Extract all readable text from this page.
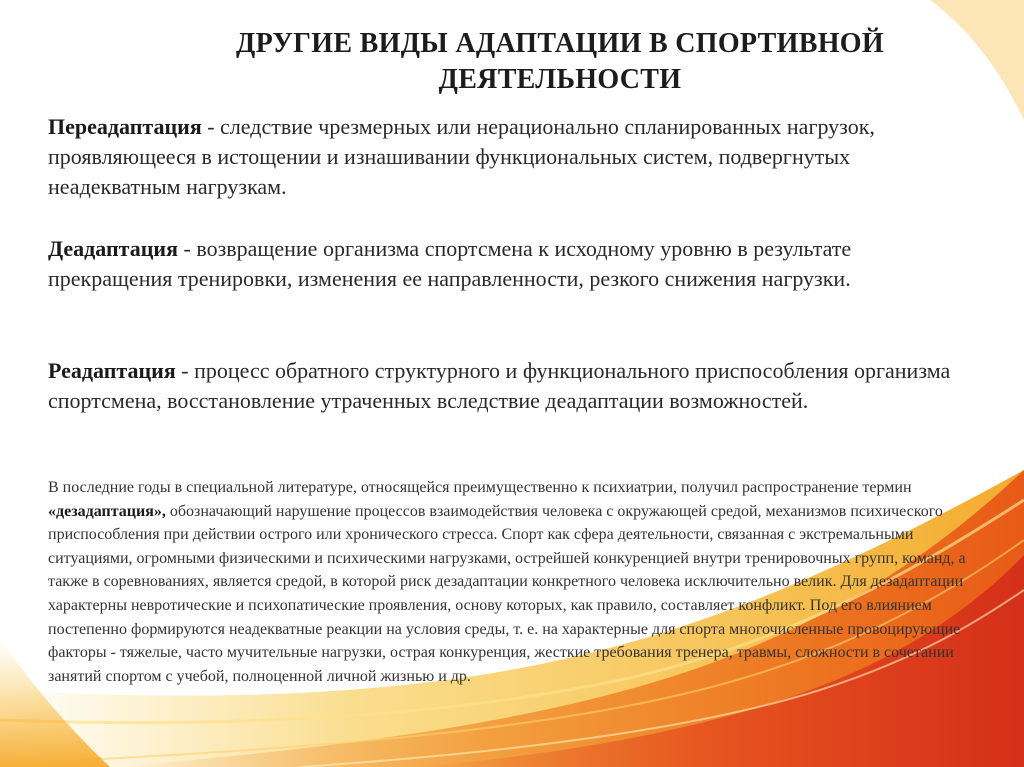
ДРУГИЕ ВИДЫ АДАПТАЦИИ В СПОРТИВНОЙ
ДЕЯТЕЛЬНОСТИ
Переадаптация - следствие чрезмерных или нерационально спланированных нагрузок, проявляющееся в истощении и изнашивании функциональных систем, подвергнутых неадекватным нагрузкам.
Деадаптация - возвращение организма спортсмена к исходному уровню в результате прекращения тренировки, изменения ее направленности, резкого снижения нагрузки.
Реадаптация - процесс обратного структурного и функционального приспособления организма спортсмена, восстановление утраченных вследствие деадаптации возможностей.
В последние годы в специальной литературе, относящейся преимущественно к психиатрии, получил распространение термин «дезадаптация», обозначающий нарушение процессов взаимодействия человека с окружающей средой, механизмов психического приспособления при действии острого или хронического стресса. Спорт как сфера деятельности, связанная с экстремальными ситуациями, огромными физическими и психическими нагрузками, острейшей конкуренцией внутри тренировочных групп, команд, а также в соревнованиях, является средой, в которой риск дезадаптации конкретного человека исключительно велик. Для дезадаптации характерны невротические и психопатические проявления, основу которых, как правило, составляет конфликт. Под его влиянием постепенно формируются неадекватные реакции на условия среды, т. е. на характерные для спорта многочисленные провоцирующие факторы - тяжелые, часто мучительные нагрузки, острая конкуренция, жесткие требования тренера, травмы, сложности в сочетании занятий спортом с учебой, полноценной личной жизнью и др.
